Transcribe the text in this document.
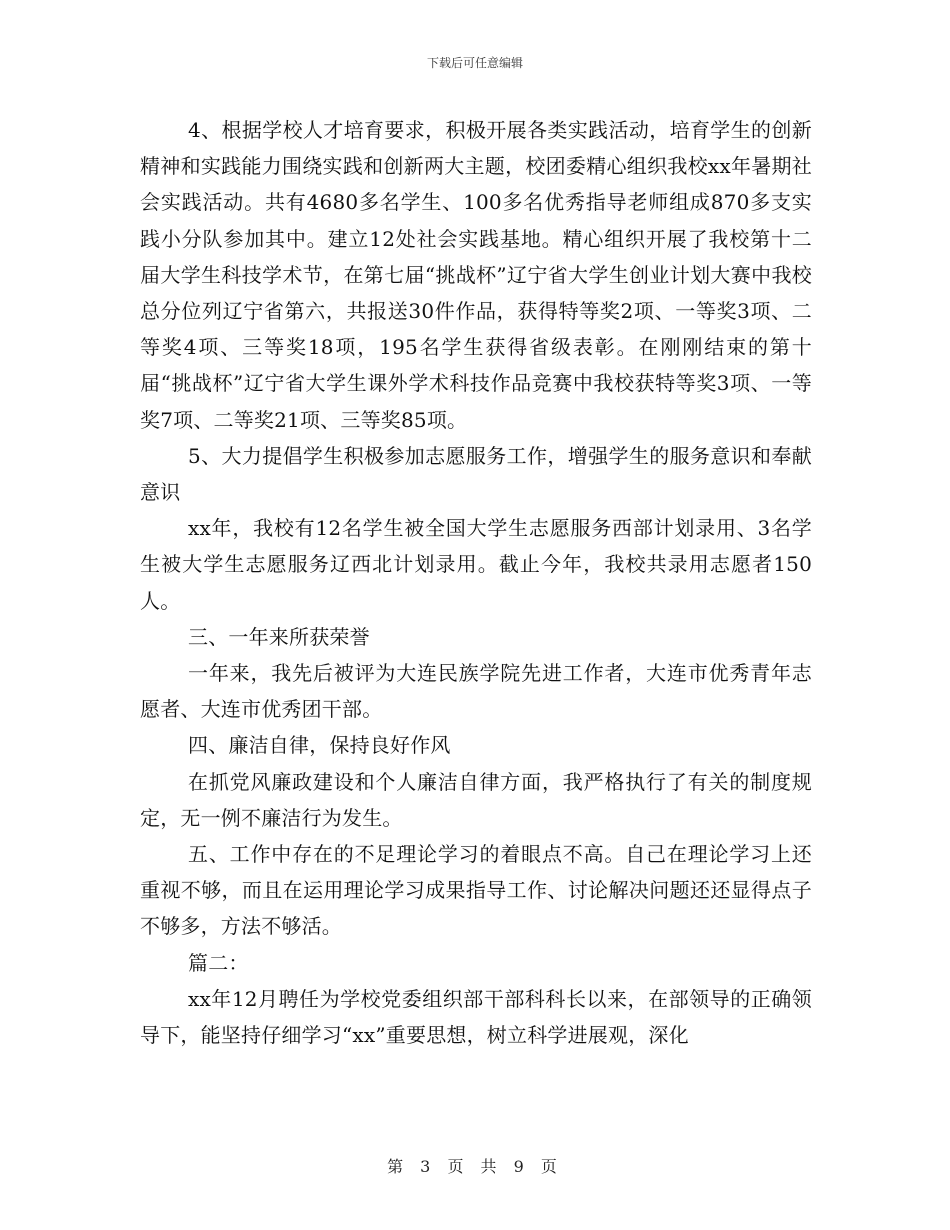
下载后可任意编辑

4、根据学校人才培育要求，积极开展各类实践活动，培育学生的创新精神和实践能力围绕实践和创新两大主题，校团委精心组织我校xx年暑期社会实践活动。共有4680多名学生、100多名优秀指导老师组成870多支实践小分队参加其中。建立12处社会实践基地。精心组织开展了我校第十二届大学生科技学术节，在第七届“挑战杯”辽宁省大学生创业计划大赛中我校总分位列辽宁省第六，共报送30件作品，获得特等奖2项、一等奖3项、二等奖4项、三等奖18项，195名学生获得省级表彰。在刚刚结束的第十届“挑战杯”辽宁省大学生课外学术科技作品竞赛中我校获特等奖3项、一等奖7项、二等奖21项、三等奖85项。

5、大力提倡学生积极参加志愿服务工作，增强学生的服务意识和奉献意识

xx年，我校有12名学生被全国大学生志愿服务西部计划录用、3名学生被大学生志愿服务辽西北计划录用。截止今年，我校共录用志愿者150人。

三、一年来所获荣誉

一年来，我先后被评为大连民族学院先进工作者，大连市优秀青年志愿者、大连市优秀团干部。

四、廉洁自律，保持良好作风

在抓党风廉政建设和个人廉洁自律方面，我严格执行了有关的制度规定，无一例不廉洁行为发生。

五、工作中存在的不足理论学习的着眼点不高。自己在理论学习上还重视不够，而且在运用理论学习成果指导工作、讨论解决问题还还显得点子不够多，方法不够活。

篇二：

xx年12月聘任为学校党委组织部干部科科长以来，在部领导的正确领导下，能坚持仔细学习“xx”重要思想，树立科学进展观，深化

第 3 页 共 9 页
